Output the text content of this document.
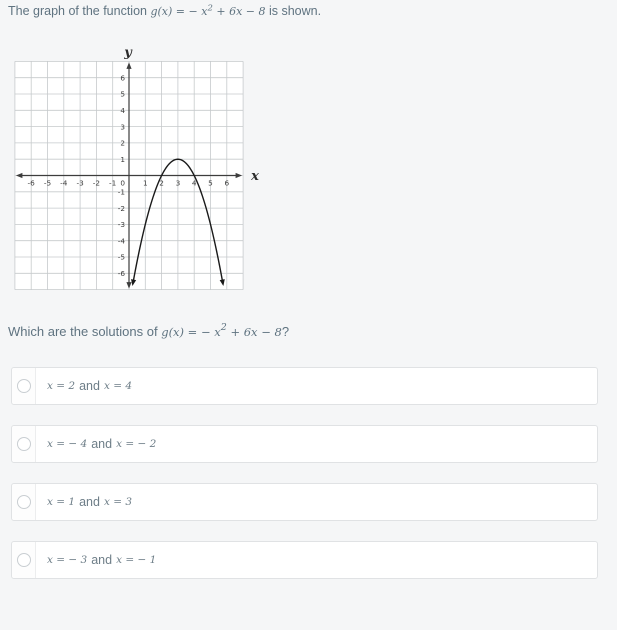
The graph of the function g(x) = − $x^2 + 6x - 8$ is shown.

y
x
-6
-6
-5
-5
-4
-4
-3
-3
-2
-2
-1
-1
1
1
2
2
3
3
4
4
5
5
6
6
0

Which are the solutions of g(x) = − $x^2 + 6x - 8$?

x = 2 and x = 4
x = − 4 and x = − 2
x = 1 and x = 3
x = − 3 and x = − 1
